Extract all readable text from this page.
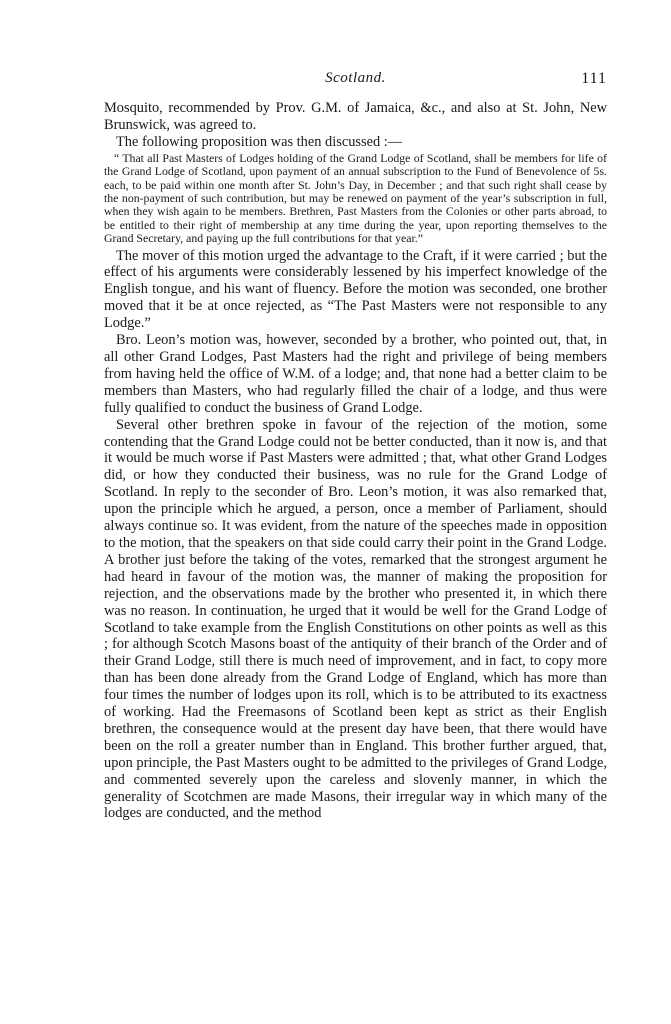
Scotland.	111

Mosquito, recommended by Prov. G.M. of Jamaica, &c., and also at St. John, New Brunswick, was agreed to.

The following proposition was then discussed :—

“ That all Past Masters of Lodges holding of the Grand Lodge of Scotland, shall be members for life of the Grand Lodge of Scotland, upon payment of an annual subscription to the Fund of Benevolence of 5s. each, to be paid within one month after St. John’s Day, in December ; and that such right shall cease by the non-payment of such contribution, but may be renewed on payment of the year’s subscription in full, when they wish again to be members. Brethren, Past Masters from the Colonies or other parts abroad, to be entitled to their right of membership at any time during the year, upon reporting themselves to the Grand Secretary, and paying up the full contributions for that year.”

The mover of this motion urged the advantage to the Craft, if it were carried ; but the effect of his arguments were considerably lessened by his imperfect knowledge of the English tongue, and his want of fluency. Before the motion was seconded, one brother moved that it be at once rejected, as “The Past Masters were not responsible to any Lodge.”

Bro. Leon’s motion was, however, seconded by a brother, who pointed out, that, in all other Grand Lodges, Past Masters had the right and privilege of being members from having held the office of W.M. of a lodge; and, that none had a better claim to be members than Masters, who had regularly filled the chair of a lodge, and thus were fully qualified to conduct the business of Grand Lodge.

Several other brethren spoke in favour of the rejection of the motion, some contending that the Grand Lodge could not be better conducted, than it now is, and that it would be much worse if Past Masters were admitted ; that, what other Grand Lodges did, or how they conducted their business, was no rule for the Grand Lodge of Scotland. In reply to the seconder of Bro. Leon’s motion, it was also remarked that, upon the principle which he argued, a person, once a member of Parliament, should always continue so. It was evident, from the nature of the speeches made in opposition to the motion, that the speakers on that side could carry their point in the Grand Lodge. A brother just before the taking of the votes, remarked that the strongest argument he had heard in favour of the motion was, the manner of making the proposition for rejection, and the observations made by the brother who presented it, in which there was no reason. In continuation, he urged that it would be well for the Grand Lodge of Scotland to take example from the English Constitutions on other points as well as this ; for although Scotch Masons boast of the antiquity of their branch of the Order and of their Grand Lodge, still there is much need of improvement, and in fact, to copy more than has been done already from the Grand Lodge of England, which has more than four times the number of lodges upon its roll, which is to be attributed to its exactness of working. Had the Freemasons of Scotland been kept as strict as their English brethren, the consequence would at the present day have been, that there would have been on the roll a greater number than in England. This brother further argued, that, upon principle, the Past Masters ought to be admitted to the privileges of Grand Lodge, and commented severely upon the careless and slovenly manner, in which the generality of Scotchmen are made Masons, their irregular way in which many of the lodges are conducted, and the method
